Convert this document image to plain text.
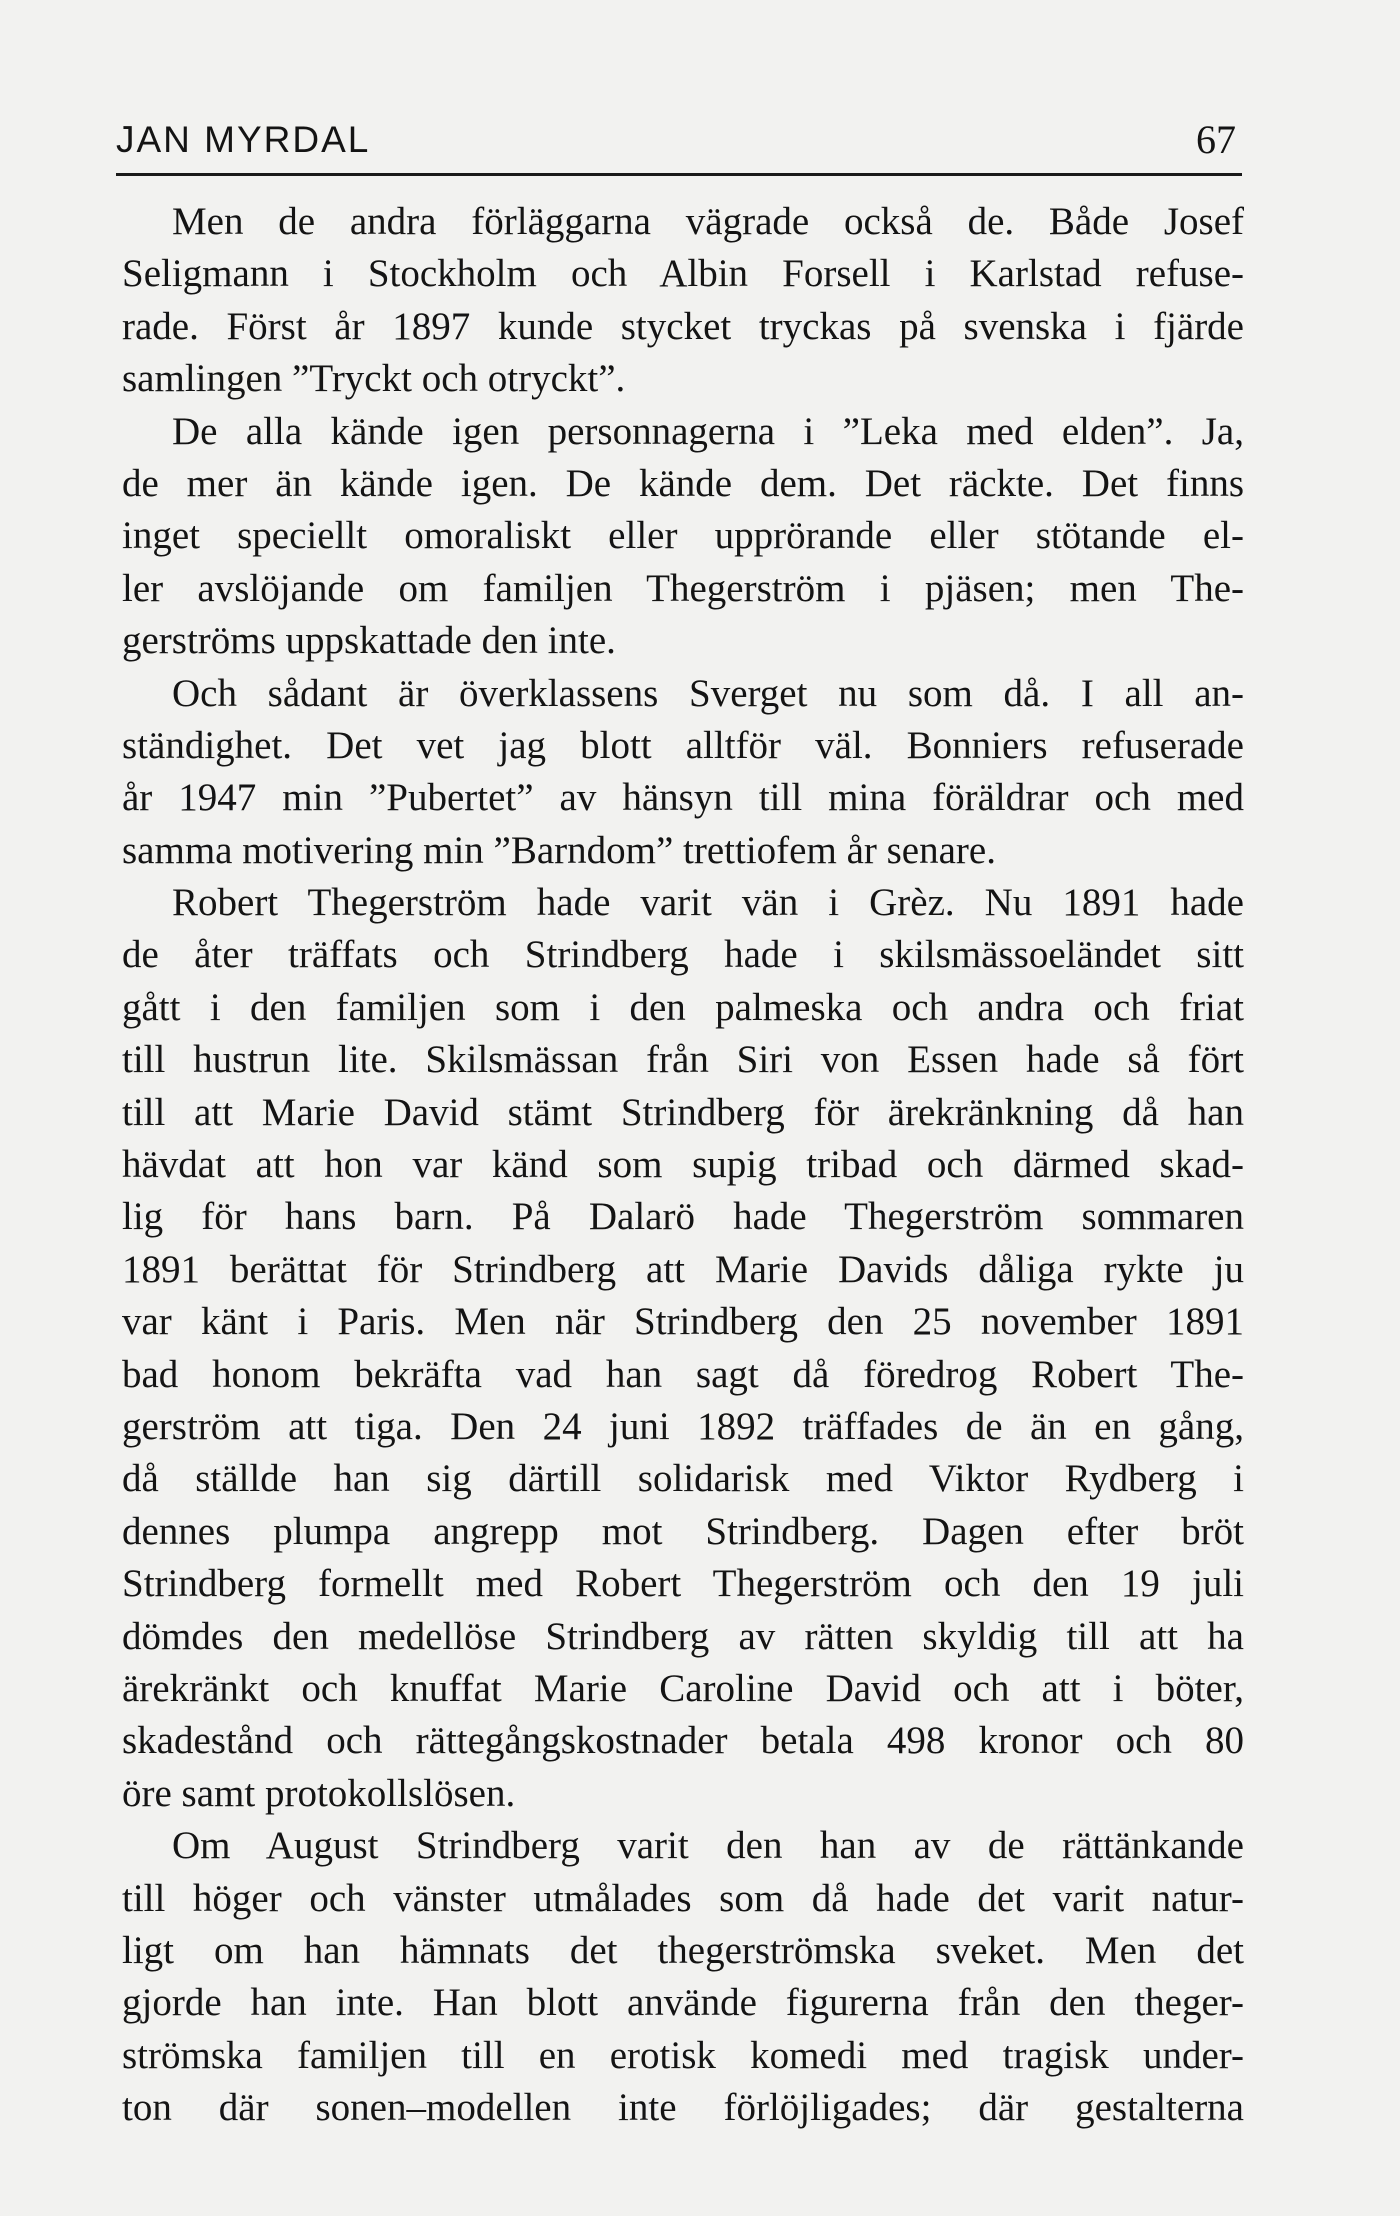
JAN MYRDAL	67
Men de andra förläggarna vägrade också de. Både Josef
Seligmann i Stockholm och Albin Forsell i Karlstad refuse-
rade. Först år 1897 kunde stycket tryckas på svenska i fjärde
samlingen ”Tryckt och otryckt”.
De alla kände igen personnagerna i ”Leka med elden”. Ja,
de mer än kände igen. De kände dem. Det räckte. Det finns
inget speciellt omoraliskt eller upprörande eller stötande el-
ler avslöjande om familjen Thegerström i pjäsen; men The-
gerströms uppskattade den inte.
Och sådant är överklassens Sverget nu som då. I all an-
ständighet. Det vet jag blott alltför väl. Bonniers refuserade
år 1947 min ”Pubertet” av hänsyn till mina föräldrar och med
samma motivering min ”Barndom” trettiofem år senare.
Robert Thegerström hade varit vän i Grèz. Nu 1891 hade
de åter träffats och Strindberg hade i skilsmässoeländet sitt
gått i den familjen som i den palmeska och andra och friat
till hustrun lite. Skilsmässan från Siri von Essen hade så fört
till att Marie David stämt Strindberg för ärekränkning då han
hävdat att hon var känd som supig tribad och därmed skad-
lig för hans barn. På Dalarö hade Thegerström sommaren
1891 berättat för Strindberg att Marie Davids dåliga rykte ju
var känt i Paris. Men när Strindberg den 25 november 1891
bad honom bekräfta vad han sagt då föredrog Robert The-
gerström att tiga. Den 24 juni 1892 träffades de än en gång,
då ställde han sig därtill solidarisk med Viktor Rydberg i
dennes plumpa angrepp mot Strindberg. Dagen efter bröt
Strindberg formellt med Robert Thegerström och den 19 juli
dömdes den medellöse Strindberg av rätten skyldig till att ha
ärekränkt och knuffat Marie Caroline David och att i böter,
skadestånd och rättegångskostnader betala 498 kronor och 80
öre samt protokollslösen.
Om August Strindberg varit den han av de rättänkande
till höger och vänster utmålades som då hade det varit natur-
ligt om han hämnats det thegerströmska sveket. Men det
gjorde han inte. Han blott använde figurerna från den theger-
strömska familjen till en erotisk komedi med tragisk under-
ton där sonen–modellen inte förlöjligades; där gestalterna
